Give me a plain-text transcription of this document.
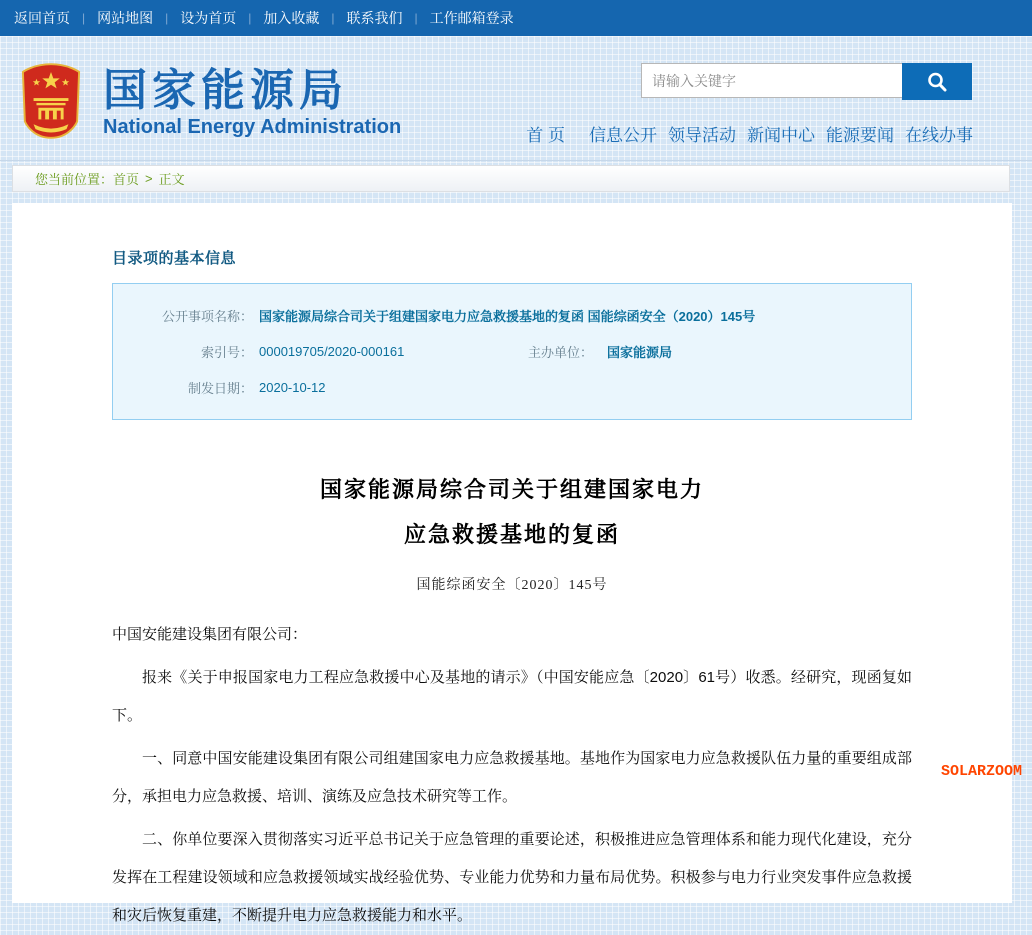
返回首页 | 网站地图 | 设为首页 | 加入收藏 | 联系我们 | 工作邮箱登录
国家能源局
National Energy Administration
请输入关键字	首 页 信息公开 领导活动 新闻中心 能源要闻 在线办事
您当前位置： 首页 > 正文
目录项的基本信息
公开事项名称： 国家能源局综合司关于组建国家电力应急救援基地的复函 国能综函安全（2020）145号
索引号： 000019705/2020-000161	主办单位：	国家能源局
制发日期： 2020-10-12
国家能源局综合司关于组建国家电力
应急救援基地的复函
国能综函安全〔2020〕145号

中国安能建设集团有限公司：

报来《关于申报国家电力工程应急救援中心及基地的请示》（中国安能应急〔2020〕61号）收悉。经研究，现函复如下。

一、同意中国安能建设集团有限公司组建国家电力应急救援基地。基地作为国家电力应急救援队伍力量的重要组成部分，承担电力应急救援、培训、演练及应急技术研究等工作。

二、你单位要深入贯彻落实习近平总书记关于应急管理的重要论述，积极推进应急管理体系和能力现代化建设，充分发挥在工程建设领域和应急救援领域实战经验优势、专业能力优势和力量布局优势。积极参与电力行业突发事件应急救援和灾后恢复重建，不断提升电力应急救援能力和水平。

SOLARZOOM
